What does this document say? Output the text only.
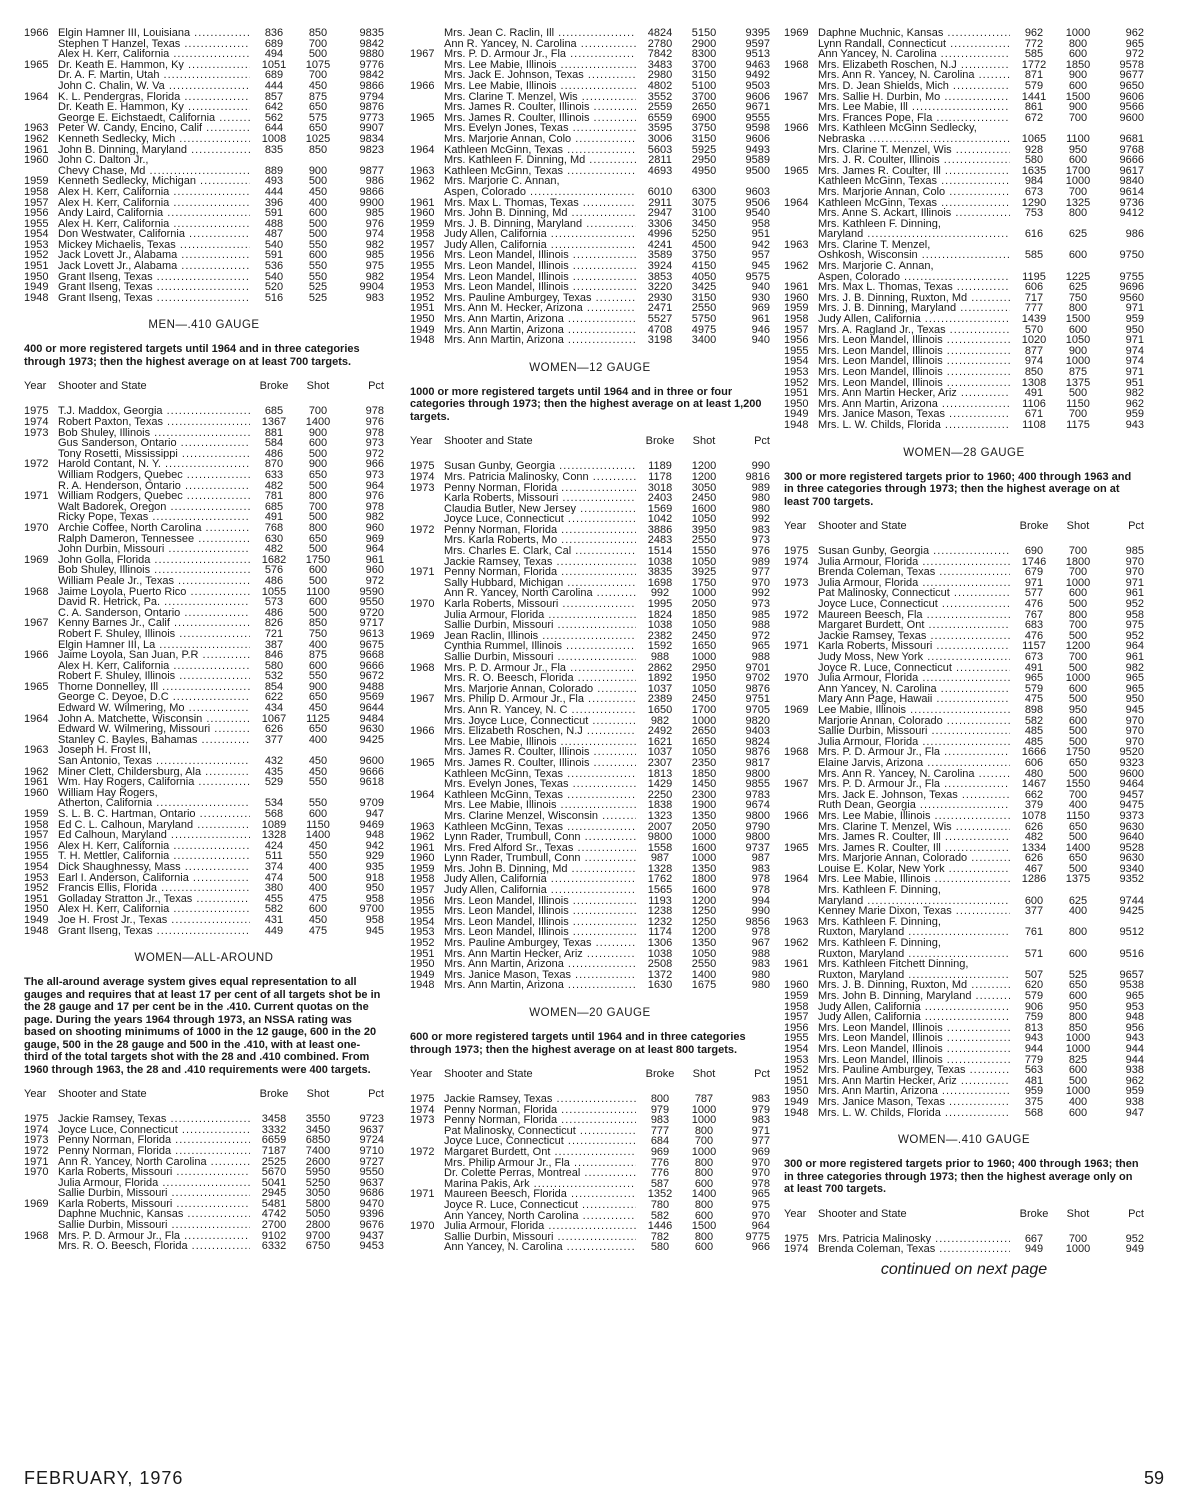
1966 Elgin Hamner III, Louisiana .....	836	850	9835
Stephen T Hanzel, Texas .....	689	700	9842
Alex H. Kerr, California .....	494	500	9880
1965 Dr. Keath E. Hammon, Ky .....	1051	1075	9776
Dr. A. F. Martin, Utah .....	689	700	9842
John C. Chalin, W. Va .....	444	450	9866
1964 K. L. Pendergras, Florida .....	857	875	9794
Dr. Keath E. Hammon, Ky .....	642	650	9876
George E. Eichstaedt, California .....	562	575	9773
1963 Peter W. Candy, Encino, Calif .....	644	650	9907
1962 Kenneth Sedlecky, Mich .....	1008	1025	9834
1961 John B. Dinning, Maryland .....	835	850	9823
1960 John C. Dalton Jr.,
Chevy Chase, Md .....	889	900	9877
1959 Kenneth Sedlecky, Michigan .....	493	500	986
1958 Alex H. Kerr, California .....	444	450	9866
1957 Alex H. Kerr, California .....	396	400	9900
1956 Andy Laird, California .....	591	600	985
1955 Alex H. Kerr, California .....	488	500	976
1954 Don Westwater, California .....	487	500	974
1953 Mickey Michaelis, Texas .....	540	550	982
1952 Jack Lovett Jr., Alabama .....	591	600	985
1951 Jack Lovett Jr., Alabama .....	536	550	975
1950 Grant Ilseng, Texas .....	540	550	982
1949 Grant Ilseng, Texas .....	520	525	9904
1948 Grant Ilseng, Texas .....	516	525	983
MEN—.410 GAUGE

400 or more registered targets until 1964 and in three categories through 1973; then the highest average on at least 700 targets.

Year	Shooter and State	Broke	Shot	Pct
1975 T.J. Maddox, Georgia .....	685	700	978
1974 Robert Paxton, Texas .....	1367	1400	976
1973 Bob Shuley, Illinois .....	881	900	978
Gus Sanderson, Ontario .....	584	600	973
Tony Rosetti, Mississippi .....	486	500	972
1972 Harold Contant, N. Y. .....	870	900	966
William Rodgers, Quebec .....	633	650	973
R. A. Henderson, Ontario .....	482	500	964
1971 William Rodgers, Quebec .....	781	800	976
Walt Badorek, Oregon .....	685	700	978
Ricky Pope, Texas .....	491	500	982
1970 Archie Coffee, North Carolina .....	768	800	960
Ralph Dameron, Tennessee .....	630	650	969
John Durbin, Missouri .....	482	500	964
1969 John Golla, Florida .....	1682	1750	961
Bob Shuley, Illinois .....	576	600	960
William Peale Jr., Texas .....	486	500	972
1968 Jaime Loyola, Puerto Rico .....	1055	1100	9590
David R. Hetrick, Pa. .....	573	600	9550
C. A. Sanderson, Ontario .....	486	500	9720
1967 Kenny Barnes Jr., Calif .....	826	850	9717
Robert F. Shuley, Illinois .....	721	750	9613
Elgin Hamner III, La .....	387	400	9675
1966 Jaime Loyola, San Juan, P.R .....	846	875	9668
Alex H. Kerr, California .....	580	600	9666
Robert F. Shuley, Illinois .....	532	550	9672
1965 Thorne Donnelley, Ill .....	854	900	9488
George C. Deyoe, D.C .....	622	650	9569
Edward W. Wilmering, Mo .....	434	450	9644
1964 John A. Matchette, Wisconsin .....	1067	1125	9484
Edward W. Wilmering, Missouri .....	626	650	9630
Stanley C. Bayles, Bahamas .....	377	400	9425
1963 Joseph H. Frost III,
San Antonio, Texas .....	432	450	9600
1962 Miner Clett, Childersburg, Ala .....	435	450	9666
1961 Wm. Hay Rogers, California .....	529	550	9618
1960 William Hay Rogers,
Atherton, California .....	534	550	9709
1959 S. L. B. C. Hartman, Ontario .....	568	600	947
1958 Ed C. L. Calhoun, Maryland .....	1089	1150	9469
1957 Ed Calhoun, Maryland .....	1328	1400	948
1956 Alex H. Kerr, California .....	424	450	942
1955 T. H. Mettler, California .....	511	550	929
1954 Dick Shaughnessy, Mass .....	374	400	935
1953 Earl I. Anderson, California .....	474	500	918
1952 Francis Ellis, Florida .....	380	400	950
1951 Golladay Stratton Jr., Texas .....	455	475	958
1950 Alex H. Kerr, California .....	582	600	9700
1949 Joe H. Frost Jr., Texas .....	431	450	958
1948 Grant Ilseng, Texas .....	449	475	945
WOMEN—ALL-AROUND

The all-around average system gives equal representation to all gauges and requires that at least 17 per cent of all targets shot be in the 28 gauge and 17 per cent be in the .410. Current quotas on the page. During the years 1964 through 1973, an NSSA rating was based on shooting minimums of 1000 in the 12 gauge, 600 in the 20 gauge, 500 in the 28 gauge and 500 in the .410, with at least one-third of the total targets shot with the 28 and .410 combined. From 1960 through 1963, the 28 and .410 requirements were 400 targets.

Year	Shooter and State	Broke	Shot	Pct
1975 Jackie Ramsey, Texas .....	3458	3550	9723
1974 Joyce Luce, Connecticut .....	3332	3450	9637
1973 Penny Norman, Florida .....	6659	6850	9724
1972 Penny Norman, Florida .....	7187	7400	9710
1971 Ann R. Yancey, North Carolina .....	2525	2600	9727
1970 Karla Roberts, Missouri .....	5670	5950	9550
Julia Armour, Florida .....	5041	5250	9637
Sallie Durbin, Missouri .....	2945	3050	9686
1969 Karla Roberts, Missouri .....	5481	5800	9470
Daphne Muchnic, Kansas .....	4742	5050	9396
Sallie Durbin, Missouri .....	2700	2800	9676
1968 Mrs. P. D. Armour Jr., Fla .....	9102	9700	9437
Mrs. R. O. Beesch, Florida .....	6332	6750	9453
Mrs. Jean C. Raclin, Ill .....	4824	5150	9395
Ann R. Yancey, N. Carolina .....	2780	2900	9597
1967 Mrs. P. D. Armour Jr., Fla .....	7842	8300	9513
Mrs. Lee Mabie, Illinois .....	3483	3700	9463
Mrs. Jack E. Johnson, Texas .....	2980	3150	9492
1966 Mrs. Lee Mabie, Illinois .....	4802	5100	9503
Mrs. Clarine T. Menzel, Wis .....	3552	3700	9606
Mrs. James R. Coulter, Illinois .....	2559	2650	9671
1965 Mrs. James R. Coulter, Illinois .....	6559	6900	9555
Mrs. Evelyn Jones, Texas .....	3595	3750	9598
Mrs. Marjorie Annan, Colo .....	3006	3150	9606
1964 Kathleen McGinn, Texas .....	5603	5925	9493
Mrs. Kathleen F. Dinning, Md .....	2811	2950	9589
1963 Kathleen McGinn, Texas .....	4693	4950	9500
1962 Mrs. Marjorie C. Annan,
Aspen, Colorado .....	6010	6300	9603
1961 Mrs. Max L. Thomas, Texas .....	2911	3075	9506
1960 Mrs. John B. Dinning, Md .....	2947	3100	9540
1959 Mrs. J. B. Dinning, Maryland .....	3306	3450	958
1958 Judy Allen, California .....	4996	5250	951
1957 Judy Allen, California .....	4241	4500	942
1956 Mrs. Leon Mandel, Illinois .....	3589	3750	957
1955 Mrs. Leon Mandel, Illinois .....	3924	4150	945
1954 Mrs. Leon Mandel, Illinois .....	3853	4050	9575
1953 Mrs. Leon Mandel, Illinois .....	3220	3425	940
1952 Mrs. Pauline Amburgey, Texas .....	2930	3150	930
1951 Mrs. Ann M. Hecker, Arizona .....	2471	2550	969
1950 Mrs. Ann Martin, Arizona .....	5527	5750	961
1949 Mrs. Ann Martin, Arizona .....	4708	4975	946
1948 Mrs. Ann Martin, Arizona .....	3198	3400	940
WOMEN—12 GAUGE

1000 or more registered targets until 1964 and in three or four categories through 1973; then the highest average on at least 1,200 targets.

Year	Shooter and State	Broke	Shot	Pct
1975 Susan Gunby, Georgia .....	1189	1200	990
1974 Mrs. Patricia Malinosky, Conn .....	1178	1200	9816
1973 Penny Norman, Florida .....	3018	3050	989
Karla Roberts, Missouri .....	2403	2450	980
Claudia Butler, New Jersey .....	1569	1600	980
Joyce Luce, Connecticut .....	1042	1050	992
1972 Penny Norman, Florida .....	3886	3950	983
Mrs. Karla Roberts, Mo .....	2483	2550	973
Mrs. Charles E. Clark, Cal .....	1514	1550	976
Jackie Ramsey, Texas .....	1038	1050	989
1971 Penny Norman, Florida .....	3835	3925	977
Sally Hubbard, Michigan .....	1698	1750	970
Ann R. Yancey, North Carolina .....	992	1000	992
1970 Karla Roberts, Missouri .....	1995	2050	973
Julia Armour, Florida .....	1824	1850	985
Sallie Durbin, Missouri .....	1038	1050	988
1969 Jean Raclin, Illinois .....	2382	2450	972
Cynthia Rummel, Illinois .....	1592	1650	965
Sallie Durbin, Missouri .....	988	1000	988
1968 Mrs. P. D. Armour Jr., Fla .....	2862	2950	9701
Mrs. R. O. Beesch, Florida .....	1892	1950	9702
Mrs. Marjorie Annan, Colorado .....	1037	1050	9876
1967 Mrs. Philip D. Armour Jr., Fla .....	2389	2450	9751
Mrs. Ann R. Yancey, N. C .....	1650	1700	9705
Mrs. Joyce Luce, Connecticut .....	982	1000	9820
1966 Mrs. Elizabeth Roschen, N.J .....	2492	2650	9403
Mrs. Lee Mabie, Illinois .....	1621	1650	9824
Mrs. James R. Coulter, Illinois .....	1037	1050	9876
1965 Mrs. James R. Coulter, Illinois .....	2307	2350	9817
Kathleen McGinn, Texas .....	1813	1850	9800
Mrs. Evelyn Jones, Texas .....	1429	1450	9855
1964 Kathleen McGinn, Texas .....	2250	2300	9783
Mrs. Lee Mabie, Illinois .....	1838	1900	9674
Mrs. Clarine Menzel, Wisconsin .....	1323	1350	9800
1963 Kathleen McGinn, Texas .....	2007	2050	9790
1962 Lynn Rader, Trumbull, Conn .....	9800	1000	9800
1961 Mrs. Fred Alford Sr., Texas .....	1558	1600	9737
1960 Lynn Rader, Trumbull, Conn .....	987	1000	987
1959 Mrs. John B. Dinning, Md .....	1328	1350	983
1958 Judy Allen, California .....	1762	1800	978
1957 Judy Allen, California .....	1565	1600	978
1956 Mrs. Leon Mandel, Illinois .....	1193	1200	994
1955 Mrs. Leon Mandel, Illinois .....	1238	1250	990
1954 Mrs. Leon Mandel, Illinois .....	1232	1250	9856
1953 Mrs. Leon Mandel, Illinois .....	1174	1200	978
1952 Mrs. Pauline Amburgey, Texas .....	1306	1350	967
1951 Mrs. Ann Martin Hecker, Ariz .....	1038	1050	988
1950 Mrs. Ann Martin, Arizona .....	2508	2550	983
1949 Mrs. Janice Mason, Texas .....	1372	1400	980
1948 Mrs. Ann Martin, Arizona .....	1630	1675	980
WOMEN—20 GAUGE

600 or more registered targets until 1964 and in three categories through 1973; then the highest average on at least 800 targets.

Year	Shooter and State	Broke	Shot	Pct
1975 Jackie Ramsey, Texas .....	800	787	983
1974 Penny Norman, Florida .....	979	1000	979
1973 Penny Norman, Florida .....	983	1000	983
Pat Malinosky, Connecticut .....	777	800	971
Joyce Luce, Connecticut .....	684	700	977
1972 Margaret Burdett, Ont .....	969	1000	969
Mrs. Philip Armour Jr., Fla .....	776	800	970
Dr. Colette Perras, Montreal .....	776	800	970
Marina Pakis, Ark .....	587	600	978
1971 Maureen Beesch, Florida .....	1352	1400	965
Joyce R. Luce, Connecticut .....	780	800	975
Ann Yancey, North Carolina .....	582	600	970
1970 Julia Armour, Florida .....	1446	1500	964
Sallie Durbin, Missouri .....	782	800	9775
Ann Yancey, N. Carolina .....	580	600	966
1969 Daphne Muchnic, Kansas .....	962	1000	962
Lynn Randall, Connecticut .....	772	800	965
Ann Yancey, N. Carolina .....	585	600	972
1968 Mrs. Elizabeth Roschen, N.J .....	1772	1850	9578
Mrs. Ann R. Yancey, N. Carolina .....	871	900	9677
Mrs. D. Jean Shields, Mich .....	579	600	9650
1967 Mrs. Sallie H. Durbin, Mo .....	1441	1500	9606
Mrs. Lee Mabie, Ill .....	861	900	9566
Mrs. Frances Pope, Fla .....	672	700	9600
1966 Mrs. Kathleen McGinn Sedlecky,
Nebraska .....	1065	1100	9681
Mrs. Clarine T. Menzel, Wis .....	928	950	9768
Mrs. J. R. Coulter, Illinois .....	580	600	9666
1965 Mrs. James R. Coulter, Ill .....	1635	1700	9617
Kathleen McGinn, Texas .....	984	1000	9840
Mrs. Marjorie Annan, Colo .....	673	700	9614
1964 Kathleen McGinn, Texas .....	1290	1325	9736
Mrs. Anne S. Ackart, Illinois .....	753	800	9412
Mrs. Kathleen F. Dinning,
Maryland .....	616	625	986
1963 Mrs. Clarine T. Menzel,
Oshkosh, Wisconsin .....	585	600	9750
1962 Mrs. Marjorie C. Annan,
Aspen, Colorado .....	1195	1225	9755
1961 Mrs. Max L. Thomas, Texas .....	606	625	9696
1960 Mrs. J. B. Dinning, Ruxton, Md .....	717	750	9560
1959 Mrs. J. B. Dinning, Maryland .....	777	800	971
1958 Judy Allen, California .....	1439	1500	959
1957 Mrs. A. Ragland Jr., Texas .....	570	600	950
1956 Mrs. Leon Mandel, Illinois .....	1020	1050	971
1955 Mrs. Leon Mandel, Illinois .....	877	900	974
1954 Mrs. Leon Mandel, Illinois .....	974	1000	974
1953 Mrs. Leon Mandel, Illinois .....	850	875	971
1952 Mrs. Leon Mandel, Illinois .....	1308	1375	951
1951 Mrs. Ann Martin Hecker, Ariz .....	491	500	982
1950 Mrs. Ann Martin, Arizona .....	1106	1150	962
1949 Mrs. Janice Mason, Texas .....	671	700	959
1948 Mrs. L. W. Childs, Florida .....	1108	1175	943
WOMEN—28 GAUGE

300 or more registered targets prior to 1960; 400 through 1963 and in three categories through 1973; then the highest average on at least 700 targets.

Year	Shooter and State	Broke	Shot	Pct
1975 Susan Gunby, Georgia .....	690	700	985
1974 Julia Armour, Florida .....	1746	1800	970
Brenda Coleman, Texas .....	679	700	970
1973 Julia Armour, Florida .....	971	1000	971
Pat Malinosky, Connecticut .....	577	600	961
Joyce Luce, Connecticut .....	476	500	952
1972 Maureen Beesch, Fla .....	767	800	958
Margaret Burdett, Ont .....	683	700	975
Jackie Ramsey, Texas .....	476	500	952
1971 Karla Roberts, Missouri .....	1157	1200	964
Judy Moss, New York .....	673	700	961
Joyce R. Luce, Connecticut .....	491	500	982
1970 Julia Armour, Florida .....	965	1000	965
Ann Yancey, N. Carolina .....	579	600	965
Mary Ann Page, Hawaii .....	475	500	950
1969 Lee Mabie, Illinois .....	898	950	945
Marjorie Annan, Colorado .....	582	600	970
Sallie Durbin, Missouri .....	485	500	970
Julia Armour, Florida .....	485	500	970
1968 Mrs. P. D. Armour Jr., Fla .....	1666	1750	9520
Elaine Jarvis, Arizona .....	606	650	9323
Mrs. Ann R. Yancey, N. Carolina .....	480	500	9600
1967 Mrs. P. D. Armour Jr., Fla .....	1467	1550	9464
Mrs. Jack E. Johnson, Texas .....	662	700	9457
Ruth Dean, Georgia .....	379	400	9475
1966 Mrs. Lee Mabie, Illinois .....	1078	1150	9373
Mrs. Clarine T. Menzel, Wis .....	626	650	9630
Mrs. James R. Coulter, Ill .....	482	500	9640
1965 Mrs. James R. Coulter, Ill .....	1334	1400	9528
Mrs. Marjorie Annan, Colorado .....	626	650	9630
Louise E. Kolar, New York .....	467	500	9340
1964 Mrs. Lee Mabie, Illinois .....	1286	1375	9352
Mrs. Kathleen F. Dinning,
Maryland .....	600	625	9744
Kenney Marie Dixon, Texas .....	377	400	9425
1963 Mrs. Kathleen F. Dinning,
Ruxton, Maryland .....	761	800	9512
1962 Mrs. Kathleen F. Dinning,
Ruxton, Maryland .....	571	600	9516
1961 Mrs. Kathleen Fitchett Dinning,
Ruxton, Maryland .....	507	525	9657
1960 Mrs. J. B. Dinning, Ruxton, Md .....	620	650	9538
1959 Mrs. John B. Dinning, Maryland .....	579	600	965
1958 Judy Allen, California .....	906	950	953
1957 Judy Allen, California .....	759	800	948
1956 Mrs. Leon Mandel, Illinois .....	813	850	956
1955 Mrs. Leon Mandel, Illinois .....	943	1000	943
1954 Mrs. Leon Mandel, Illinois .....	944	1000	944
1953 Mrs. Leon Mandel, Illinois .....	779	825	944
1952 Mrs. Pauline Amburgey, Texas .....	563	600	938
1951 Mrs. Ann Martin Hecker, Ariz .....	481	500	962
1950 Mrs. Ann Martin, Arizona .....	959	1000	959
1949 Mrs. Janice Mason, Texas .....	375	400	938
1948 Mrs. L. W. Childs, Florida .....	568	600	947
WOMEN—.410 GAUGE

300 or more registered targets prior to 1960; 400 through 1963; then in three categories through 1973; then the highest average only on at least 700 targets.

Year	Shooter and State	Broke	Shot	Pct
1975 Mrs. Patricia Malinosky .....	667	700	952
1974 Brenda Coleman, Texas .....	949	1000	949
continued on next page
FEBRUARY, 1976	59
